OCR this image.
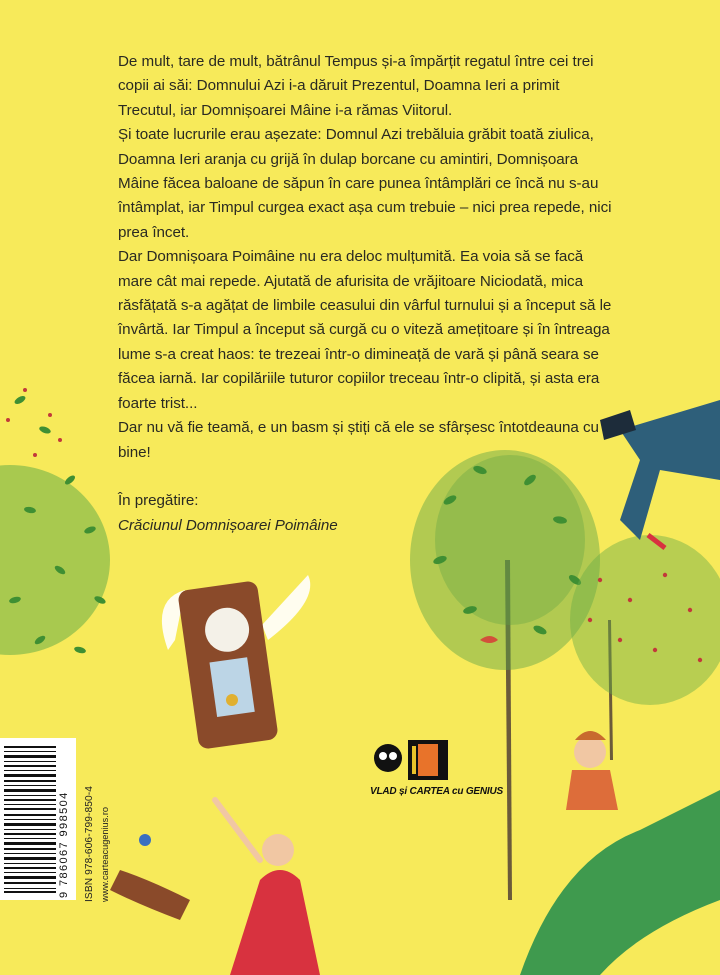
De mult, tare de mult, bătrânul Tempus și-a împărțit regatul între cei trei copii ai săi: Domnului Azi i-a dăruit Prezentul, Doamna Ieri a primit Trecutul, iar Domnișoarei Mâine i-a rămas Viitorul.

Și toate lucrurile erau așezate: Domnul Azi trebăluia grăbit toată ziulica, Doamna Ieri aranja cu grijă în dulap borcane cu amintiri, Domnișoara Mâine făcea baloane de săpun în care punea întâmplări ce încă nu s-au întâmplat, iar Timpul curgea exact așa cum trebuie – nici prea repede, nici prea încet.

Dar Domnișoara Poimâine nu era deloc mulțumită. Ea voia să se facă mare cât mai repede. Ajutată de afurisita de vrăjitoare Niciodată, mica răsfățată s-a agățat de limbile ceasului din vârful turnului și a început să le învârtă. Iar Timpul a început să curgă cu o viteză amețitoare și în întreaga lume s-a creat haos: te trezeai într-o dimineață de vară și până seara se făcea iarnă. Iar copilăriile tuturor copiilor treceau într-o clipită, și asta era foarte trist...

Dar nu vă fie teamă, e un basm și știți că ele se sfârșesc întotdeauna cu bine!

În pregătire:

Crăciunul Domnișoarei Poimâine

9 786067 998504 ISBN 978-606-799-850-4 www.carteacugenius.ro
VLAD și CARTEA cu GENIUS
